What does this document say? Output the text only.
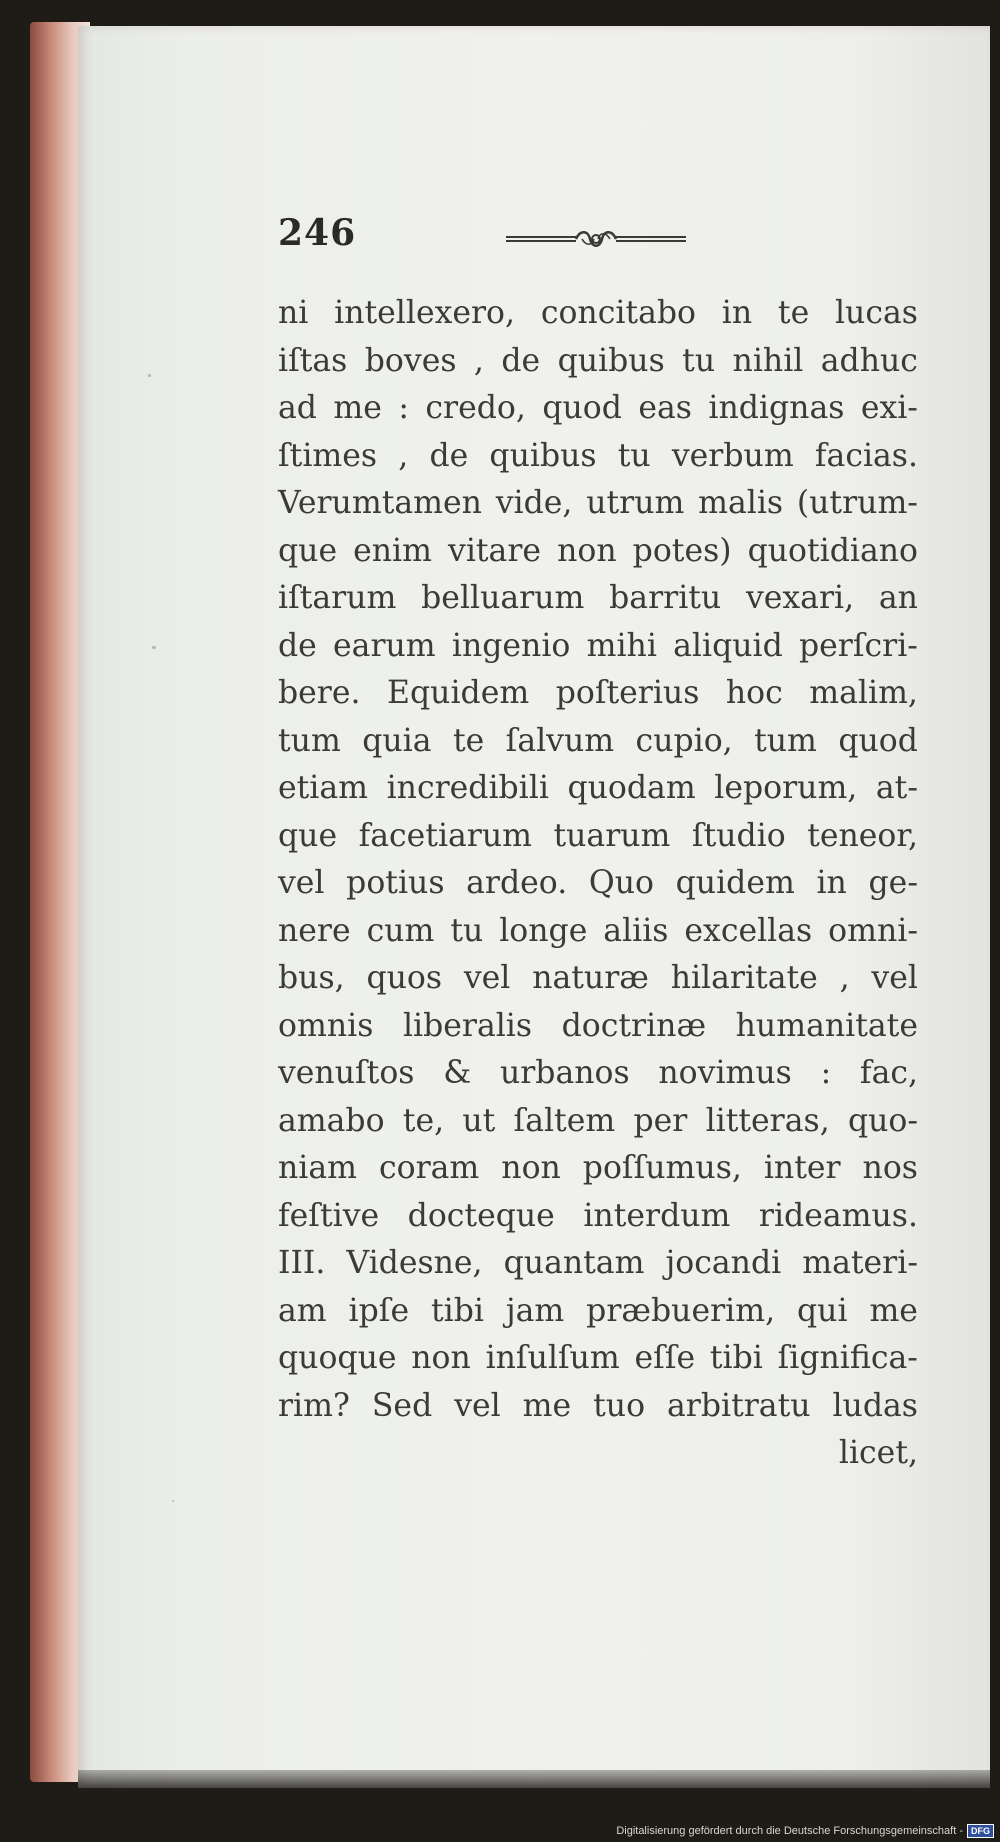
246
ni intellexero, concitabo in te lucas
iſtas boves , de quibus tu nihil adhuc
ad me : credo, quod eas indignas exi-
ſtimes , de quibus tu verbum facias.
Verumtamen vide, utrum malis (utrum-
que enim vitare non potes) quotidiano
iſtarum belluarum barritu vexari, an
de earum ingenio mihi aliquid perſcri-
bere. Equidem poſterius hoc malim,
tum quia te ſalvum cupio, tum quod
etiam incredibili quodam leporum, at-
que facetiarum tuarum ſtudio teneor,
vel potius ardeo. Quo quidem in ge-
nere cum tu longe aliis excellas omni-
bus, quos vel naturæ hilaritate , vel
omnis liberalis doctrinæ humanitate
venuſtos & urbanos novimus : fac,
amabo te, ut ſaltem per litteras, quo-
niam coram non poſſumus, inter nos
feſtive docteque interdum rideamus.
III. Videsne, quantam jocandi materi-
am ipſe tibi jam præbuerim, qui me
quoque non inſulſum eſſe tibi ſignifica-
rim? Sed vel me tuo arbitratu ludas
licet,
Digitalisierung gefördert durch die Deutsche Forschungsgemeinschaft - DFG
